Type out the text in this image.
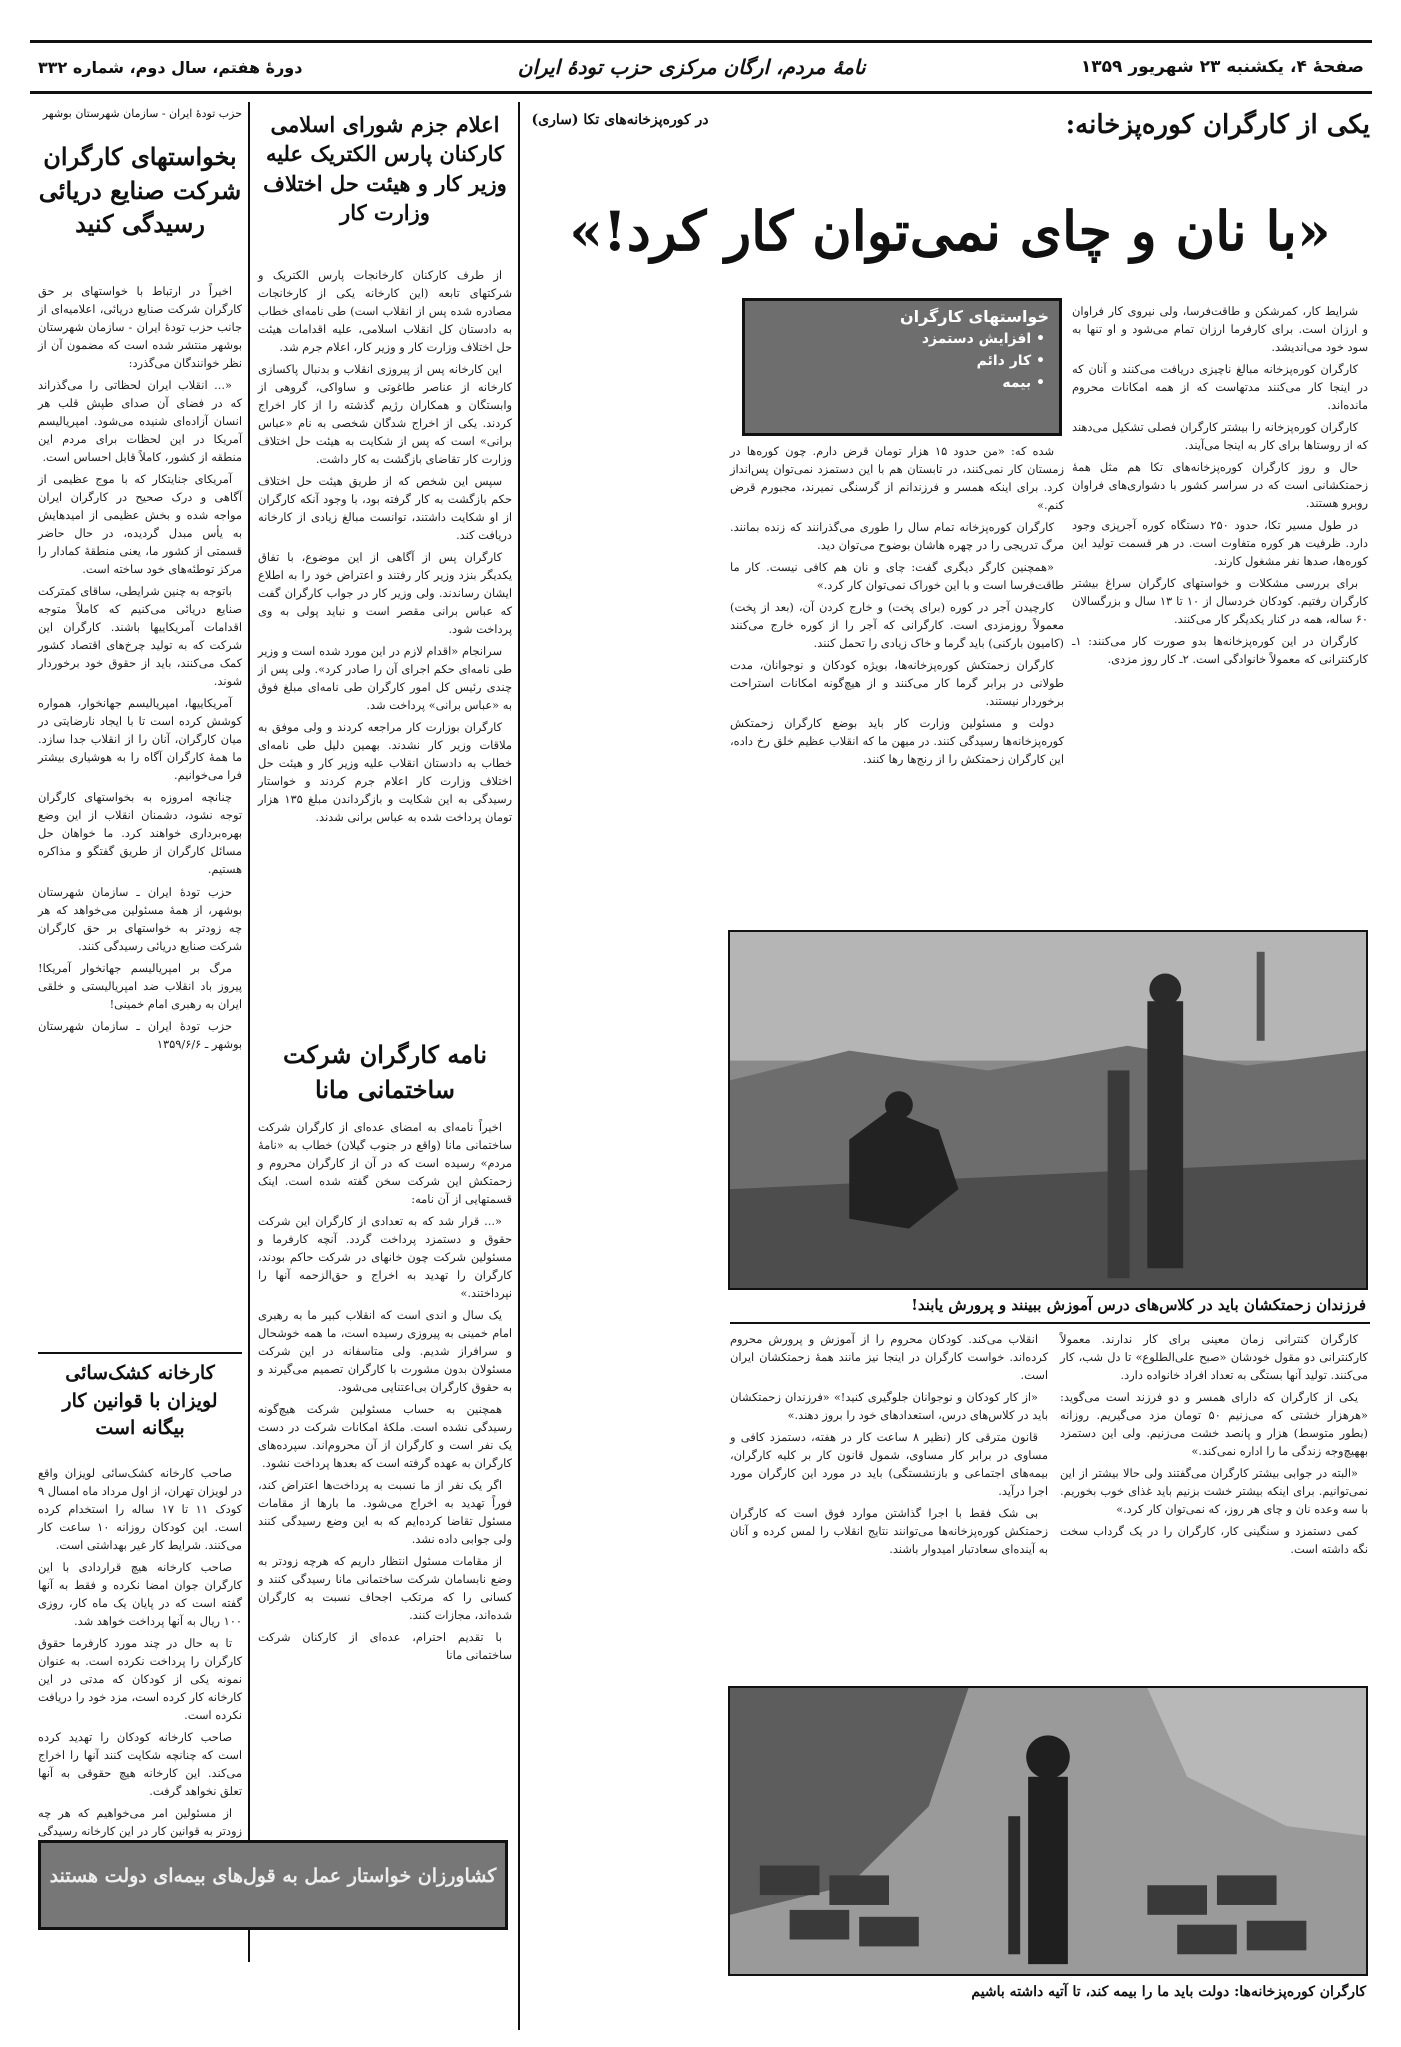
صفحهٔ ۴، یکشنبه ۲۳ شهریور ۱۳۵۹
نامهٔ مردم، ارگان مرکزی حزب تودهٔ ایران
دورهٔ هفتم، سال دوم، شماره ۳۳۲
یکی از کارگران کوره‌پزخانه:
در کوره‌پزخانه‌های تکا (ساری)
«با نان و چای نمی‌توان کار کرد!»
خواستهای کارگران
• افزایش دستمزد
• کار دائم
• بیمه

شرایط کار، کمرشکن و طاقت‌فرسا، ولی نیروی کار فراوان و ارزان است. برای کارفرما ارزان تمام می‌شود و او تنها به سود خود می‌اندیشد.

کارگران کوره‌پزخانه مبالغ ناچیزی دریافت می‌کنند و آنان که در اینجا کار می‌کنند مدتهاست که از همه امکانات محروم مانده‌اند.

کارگران کوره‌پزخانه را بیشتر کارگران فصلی تشکیل می‌دهند که از روستاها برای کار به اینجا می‌آیند.

حال و روز کارگران کوره‌پزخانه‌های تکا هم مثل همهٔ زحمتکشانی است که در سراسر کشور با دشواری‌های فراوان روبرو هستند.

در طول مسیر تکا، حدود ۲۵۰ دستگاه کوره آجرپزی وجود دارد. ظرفیت هر کوره متفاوت است. در هر قسمت تولید این کوره‌ها، صدها نفر مشغول کارند.

برای بررسی مشکلات و خواستهای کارگران سراغ بیشتر کارگران رفتیم. کودکان خردسال از ۱۰ تا ۱۳ سال و بزرگسالان ۶۰ ساله، همه در کنار یکدیگر کار می‌کنند.

کارگران در این کوره‌پزخانه‌ها بدو صورت کار می‌کنند: ۱ـ کارکنترانی که معمولاً خانوادگی است. ۲ـ کار روز مزدی.

شده که: «من حدود ۱۵ هزار تومان قرض دارم. چون کوره‌ها در زمستان کار نمی‌کنند، در تابستان هم با این دستمزد نمی‌توان پس‌انداز کرد. برای اینکه همسر و فرزندانم از گرسنگی نمیرند، مجبورم قرض کنم.»

کارگران کوره‌پزخانه تمام سال را طوری می‌گذرانند که زنده بمانند. مرگ تدریجی را در چهره هاشان بوضوح می‌توان دید.

«همچنین کارگر دیگری گفت: چای و نان هم کافی نیست. کار ما طاقت‌فرسا است و با این خوراک نمی‌توان کار کرد.»

کارچیدن آجر در کوره (برای پخت) و خارج کردن آن، (بعد از پخت) معمولاً روزمزدی است. کارگرانی که آجر را از کوره خارج می‌کنند (کامیون بارکنی) باید گرما و خاک زیادی را تحمل کنند.

کارگران زحمتکش کوره‌پزخانه‌ها، بویژه کودکان و نوجوانان، مدت طولانی در برابر گرما کار می‌کنند و از هیچ‌گونه امکانات استراحت برخوردار نیستند.

دولت و مسئولین وزارت کار باید بوضع کارگران زحمتکش کوره‌پزخانه‌ها رسیدگی کنند. در میهن ما که انقلاب عظیم خلق رخ داده، این کارگران زحمتکش را از رنج‌ها رها کنند.

فرزندان زحمتکشان باید در کلاس‌های درس آموزش ببینند و پرورش یابند!

کارگران کنترانی زمان معینی برای کار ندارند. معمولاً کارکنترانی دو مقول خودشان «صبح علی‌الطلوع» تا دل شب، کار می‌کنند. تولید آنها بستگی به تعداد افراد خانواده دارد.

یکی از کارگران که دارای همسر و دو فرزند است می‌گوید: «هرهزار خشتی که می‌زنیم ۵۰ تومان مزد می‌گیریم. روزانه (بطور متوسط) هزار و پانصد خشت می‌زنیم. ولی این دستمزد بههیچ‌وجه زندگی ما را اداره نمی‌کند.»

«البته در جوابی بیشتر کارگران می‌گفتند ولی حالا بیشتر از این نمی‌توانیم. برای اینکه بیشتر خشت بزنیم باید غذای خوب بخوریم. با سه وعده نان و چای هر روز، که نمی‌توان کار کرد.»

کمی دستمزد و سنگینی کار، کارگران را در یک گرداب سخت نگه داشته است.

انقلاب می‌کند. کودکان محروم را از آموزش و پرورش محروم کرده‌اند. خواست کارگران در اینجا نیز مانند همهٔ زحمتکشان ایران است.

«از کار کودکان و نوجوانان جلوگیری کنید!» «فرزندان زحمتکشان باید در کلاس‌های درس، استعدادهای خود را بروز دهند.»

قانون مترقی کار (نظیر ۸ ساعت کار در هفته، دستمزد کافی و مساوی در برابر کار مساوی، شمول قانون کار بر کلیه کارگران، بیمه‌های اجتماعی و بازنشستگی) باید در مورد این کارگران مورد اجرا درآید.

بی شک فقط با اجرا گذاشتن موارد فوق است که کارگران زحمتکش کوره‌پزخانه‌ها می‌توانند نتایج انقلاب را لمس کرده و آنان به آینده‌ای سعادتبار امیدوار باشند.

کارگران کوره‌پزخانه‌ها: دولت باید ما را بیمه کند، تا آتیه داشته باشیم
اعلام جزم شورای اسلامی کارکنان پارس الکتریک علیه وزیر کار و هیئت حل اختلاف وزارت کار

از طرف کارکنان کارخانجات پارس الکتریک و شرکتهای تابعه (این کارخانه یکی از کارخانجات مصادره شده پس از انقلاب است) طی نامه‌ای خطاب به دادستان کل انقلاب اسلامی، علیه اقدامات هیئت حل اختلاف وزارت کار و وزیر کار، اعلام جرم شد.

این کارخانه پس از پیروزی انقلاب و بدنبال پاکسازی کارخانه از عناصر طاغوتی و ساواکی، گروهی از وابستگان و همکاران رژیم گذشته را از کار اخراج کردند. یکی از اخراج شدگان شخصی به نام «عباس برانی» است که پس از شکایت به هیئت حل اختلاف وزارت کار تقاضای بازگشت به کار داشت.

سپس این شخص که از طریق هیئت حل اختلاف حکم بازگشت به کار گرفته بود، با وجود آنکه کارگران از او شکایت داشتند، توانست مبالغ زیادی از کارخانه دریافت کند.

کارگران پس از آگاهی از این موضوع، با تفاق یکدیگر بنزد وزیر کار رفتند و اعتراض خود را به اطلاع ایشان رساندند. ولی وزیر کار در جواب کارگران گفت که عباس برانی مقصر است و نباید پولی به وی پرداخت شود.

سرانجام «اقدام لازم در این مورد شده است و وزیر طی نامه‌ای حکم اجرای آن را صادر کرد». ولی پس از چندی رئیس کل امور کارگران طی نامه‌ای مبلغ فوق به «عباس برانی» پرداخت شد.

کارگران بوزارت کار مراجعه کردند و ولی موفق به ملاقات وزیر کار نشدند. بهمین دلیل طی نامه‌ای خطاب به دادستان انقلاب علیه وزیر کار و هیئت حل اختلاف وزارت کار اعلام جرم کردند و خواستار رسیدگی به این شکایت و بازگرداندن مبلغ ۱۳۵ هزار تومان پرداخت شده به عباس برانی شدند.

نامه کارگران شرکت ساختمانی مانا

اخیراً نامه‌ای به امضای عده‌ای از کارگران شرکت ساختمانی مانا (واقع در جنوب گیلان) خطاب به «نامهٔ مردم» رسیده است که در آن از کارگران محروم و زحمتکش این شرکت سخن گفته شده است. اینک قسمتهایی از آن نامه:

«... قرار شد که به تعدادی از کارگران این شرکت حقوق و دستمزد پرداخت گردد. آنچه کارفرما و مسئولین شرکت چون خانهای در شرکت حاکم بودند، کارگران را تهدید به اخراج و حق‌الزحمه آنها را نپرداختند.»

یک سال و اندی است که انقلاب کبیر ما به رهبری امام خمینی به پیروزی رسیده است، ما همه خوشحال و سرافراز شدیم. ولی متاسفانه در این شرکت مسئولان بدون مشورت با کارگران تصمیم می‌گیرند و به حقوق کارگران بی‌اعتنایی می‌شود.

همچنین به حساب مسئولین شرکت هیچ‌گونه رسیدگی نشده است. ملکهٔ امکانات شرکت در دست یک نفر است و کارگران از آن محروم‌اند. سپرده‌های کارگران به عهده گرفته است که بعدها پرداخت نشود.

اگر یک نفر از ما نسبت به پرداخت‌ها اعتراض کند، فوراً تهدید به اخراج می‌شود. ما بارها از مقامات مسئول تقاضا کرده‌ایم که به این وضع رسیدگی کنند ولی جوابی داده نشد.

از مقامات مسئول انتظار داریم که هرچه زودتر به وضع نابسامان شرکت ساختمانی مانا رسیدگی کنند و کسانی را که مرتکب اجحاف نسبت به کارگران شده‌اند، مجازات کنند.

با تقدیم احترام، عده‌ای از کارکنان شرکت ساختمانی مانا

حزب تودهٔ ایران - سازمان شهرستان بوشهر
بخواستهای کارگران شرکت صنایع دریائی رسیدگی کنید

اخیراً در ارتباط با خواستهای بر حق کارگران شرکت صنایع دریائی، اعلامیه‌ای از جانب حزب تودهٔ ایران - سازمان شهرستان بوشهر منتشر شده است که مضمون آن از نظر خوانندگان می‌گذرد:

«... انقلاب ایران لحظاتی را می‌گذراند که در فضای آن صدای طپش قلب هر انسان آزاده‌ای شنیده می‌شود. امپریالیسم آمریکا در این لحظات برای مردم این منطقه از کشور، کاملاً قابل احساس است.

آمریکای جنایتکار که با موج عظیمی از آگاهی و درک صحیح در کارگران ایران مواجه شده و بخش عظیمی از امیدهایش به یأس مبدل گردیده، در حال حاضر قسمتی از کشور ما، یعنی منطقهٔ کمادار را مرکز توطئه‌های خود ساخته است.

باتوجه به چنین شرایطی، ساقای کمترکت صنایع دریائی می‌کنیم که کاملاً متوجه اقدامات آمریکاییها باشند. کارگران این شرکت که به تولید چرخ‌های اقتصاد کشور کمک می‌کنند، باید از حقوق خود برخوردار شوند.

آمریکاییها، امپریالیسم جهانخوار، همواره کوشش کرده است تا با ایجاد نارضایتی در میان کارگران، آنان را از انقلاب جدا سازد. ما همهٔ کارگران آگاه را به هوشیاری بیشتر فرا می‌خوانیم.

چنانچه امروزه به بخواستهای کارگران توجه نشود، دشمنان انقلاب از این وضع بهره‌برداری خواهند کرد. ما خواهان حل مسائل کارگران از طریق گفتگو و مذاکره هستیم.

حزب تودهٔ ایران ـ سازمان شهرستان بوشهر، از همهٔ مسئولین می‌خواهد که هر چه زودتر به خواستهای بر حق کارگران شرکت صنایع دریائی رسیدگی کنند.

مرگ بر امپریالیسم جهانخوار آمریکا! پیروز باد انقلاب ضد امپریالیستی و خلقی ایران به رهبری امام خمینی!

حزب تودهٔ ایران ـ سازمان شهرستان بوشهر ـ ۱۳۵۹/۶/۶

کارخانه کشک‌سائی لویزان با قوانین کار بیگانه است

صاحب کارخانه کشک‌سائی لویزان واقع در لویزان تهران، از اول مرداد ماه امسال ۹ کودک ۱۱ تا ۱۷ ساله را استخدام کرده است. این کودکان روزانه ۱۰ ساعت کار می‌کنند. شرایط کار غیر بهداشتی است.

صاحب کارخانه هیچ قراردادی با این کارگران جوان امضا نکرده و فقط به آنها گفته است که در پایان یک ماه کار، روزی ۱۰۰ ریال به آنها پرداخت خواهد شد.

تا به حال در چند مورد کارفرما حقوق کارگران را پرداخت نکرده است. به عنوان نمونه یکی از کودکان که مدتی در این کارخانه کار کرده است، مزد خود را دریافت نکرده است.

صاحب کارخانه کودکان را تهدید کرده است که چنانچه شکایت کنند آنها را اخراج می‌کند. این کارخانه هیچ حقوقی به آنها تعلق نخواهد گرفت.

از مسئولین امر می‌خواهیم که هر چه زودتر به قوانین کار در این کارخانه رسیدگی

کشاورزان خواستار عمل به قول‌های بیمه‌ای دولت هستند
